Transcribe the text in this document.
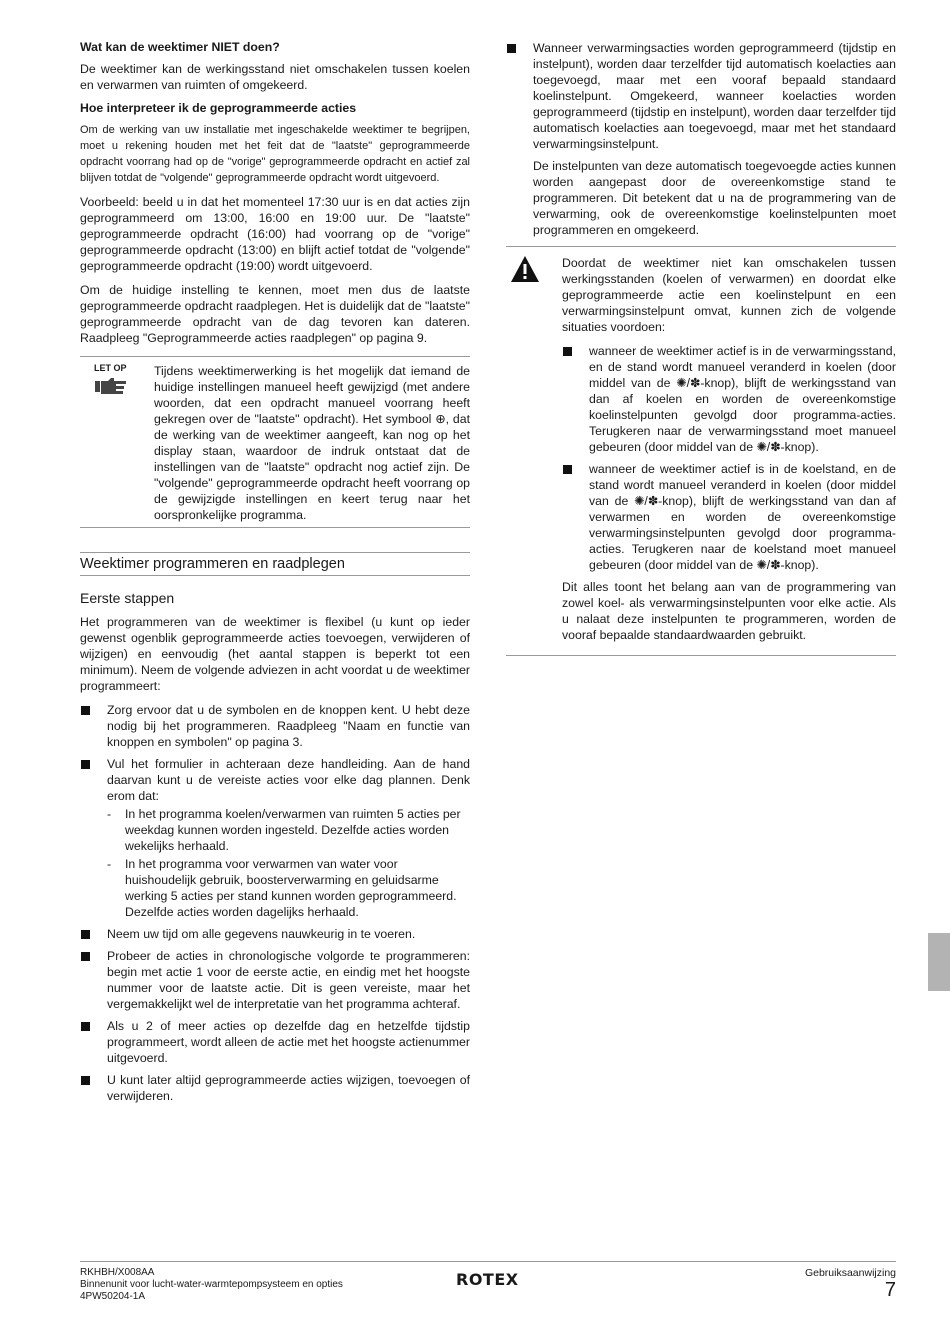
Wat kan de weektimer NIET doen?

De weektimer kan de werkingsstand niet omschakelen tussen koelen en verwarmen van ruimten of omgekeerd.

Hoe interpreteer ik de geprogrammeerde acties

Om de werking van uw installatie met ingeschakelde weektimer te begrijpen, moet u rekening houden met het feit dat de "laatste" geprogrammeerde opdracht voorrang had op de "vorige" geprogrammeerde opdracht en actief zal blijven totdat de "volgende" geprogrammeerde opdracht wordt uitgevoerd.

Voorbeeld: beeld u in dat het momenteel 17:30 uur is en dat acties zijn geprogrammeerd om 13:00, 16:00 en 19:00 uur. De "laatste" geprogrammeerde opdracht (16:00) had voorrang op de "vorige" geprogrammeerde opdracht (13:00) en blijft actief totdat de "volgende" geprogrammeerde opdracht (19:00) wordt uitgevoerd.

Om de huidige instelling te kennen, moet men dus de laatste geprogrammeerde opdracht raadplegen. Het is duidelijk dat de "laatste" geprogrammeerde opdracht van de dag tevoren kan dateren. Raadpleeg "Geprogrammeerde acties raadplegen" op pagina 9.

LET OP	Tijdens weektimerwerking is het mogelijk dat iemand de huidige instellingen manueel heeft gewijzigd (met andere woorden, dat een opdracht manueel voorrang heeft gekregen over de "laatste" opdracht). Het symbool ⊕, dat de werking van de weektimer aangeeft, kan nog op het display staan, waardoor de indruk ontstaat dat de instellingen van de "laatste" opdracht nog actief zijn. De "volgende" geprogrammeerde opdracht heeft voorrang op de gewijzigde instellingen en keert terug naar het oorspronkelijke programma.

Weektimer programmeren en raadplegen
Eerste stappen

Het programmeren van de weektimer is flexibel (u kunt op ieder gewenst ogenblik geprogrammeerde acties toevoegen, verwijderen of wijzigen) en eenvoudig (het aantal stappen is beperkt tot een minimum). Neem de volgende adviezen in acht voordat u de weektimer programmeert:

Zorg ervoor dat u de symbolen en de knoppen kent. U hebt deze nodig bij het programmeren. Raadpleeg "Naam en functie van knoppen en symbolen" op pagina 3.
Vul het formulier in achteraan deze handleiding. Aan de hand daarvan kunt u de vereiste acties voor elke dag plannen. Denk erom dat:
- In het programma koelen/verwarmen van ruimten 5 acties per weekdag kunnen worden ingesteld. Dezelfde acties worden wekelijks herhaald.
- In het programma voor verwarmen van water voor huishoudelijk gebruik, boosterverwarming en geluidsarme werking 5 acties per stand kunnen worden geprogrammeerd. Dezelfde acties worden dagelijks herhaald.
Neem uw tijd om alle gegevens nauwkeurig in te voeren.
Probeer de acties in chronologische volgorde te programmeren: begin met actie 1 voor de eerste actie, en eindig met het hoogste nummer voor de laatste actie. Dit is geen vereiste, maar het vergemakkelijkt wel de interpretatie van het programma achteraf.
Als u 2 of meer acties op dezelfde dag en hetzelfde tijdstip programmeert, wordt alleen de actie met het hoogste actienummer uitgevoerd.
U kunt later altijd geprogrammeerde acties wijzigen, toevoegen of verwijderen.
Wanneer verwarmingsacties worden geprogrammeerd (tijdstip en instelpunt), worden daar terzelfder tijd automatisch koelacties aan toegevoegd, maar met een vooraf bepaald standaard koelinstelpunt. Omgekeerd, wanneer koelacties worden geprogrammeerd (tijdstip en instelpunt), worden daar terzelfder tijd automatisch koelacties aan toegevoegd, maar met het standaard verwarmingsinstelpunt.

De instelpunten van deze automatisch toegevoegde acties kunnen worden aangepast door de overeenkomstige stand te programmeren. Dit betekent dat u na de programmering van de verwarming, ook de overeenkomstige koelinstelpunten moet programmeren en omgekeerd.

Doordat de weektimer niet kan omschakelen tussen werkingsstanden (koelen of verwarmen) en doordat elke geprogrammeerde actie een koelinstelpunt en een verwarmingsinstelpunt omvat, kunnen zich de volgende situaties voordoen:

wanneer de weektimer actief is in de verwarmingsstand, en de stand wordt manueel veranderd in koelen (door middel van de ✺/✽-knop), blijft de werkingsstand van dan af koelen en worden de overeenkomstige koelinstelpunten gevolgd door programma-acties. Terugkeren naar de verwarmingsstand moet manueel gebeuren (door middel van de ✺/✽-knop).
wanneer de weektimer actief is in de koelstand, en de stand wordt manueel veranderd in koelen (door middel van de ✺/✽-knop), blijft de werkingsstand van dan af verwarmen en worden de overeenkomstige verwarmingsinstelpunten gevolgd door programma-acties. Terugkeren naar de koelstand moet manueel gebeuren (door middel van de ✺/✽-knop).

Dit alles toont het belang aan van de programmering van zowel koel- als verwarmingsinstelpunten voor elke actie. Als u nalaat deze instelpunten te programmeren, worden de vooraf bepaalde standaardwaarden gebruikt.

RKHBH/X008AA
Binnenunit voor lucht-water-warmtepompsysteem en opties
4PW50204-1A
ROTEX	Gebruiksaanwijzing
7
